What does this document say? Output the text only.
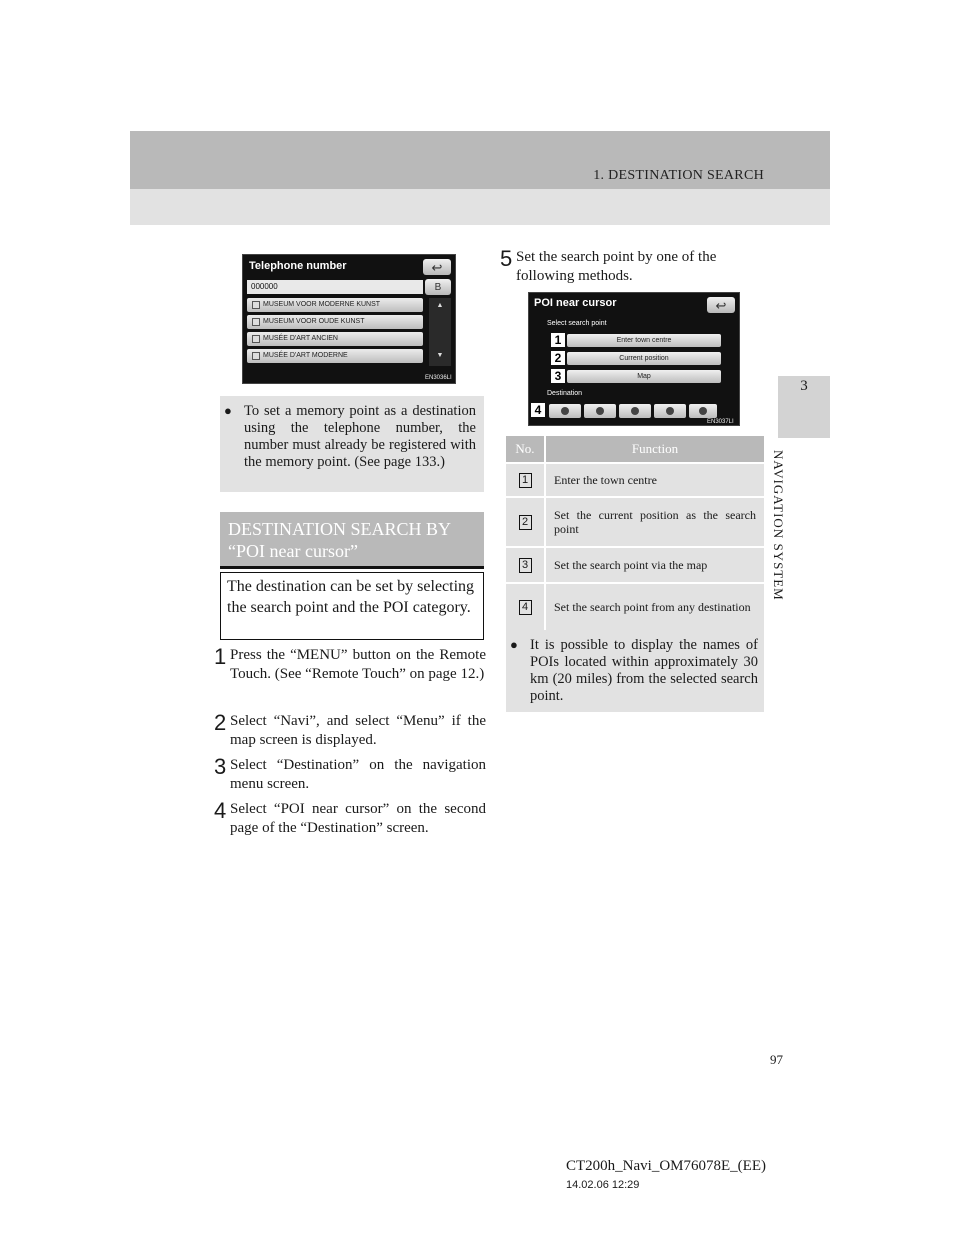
1. DESTINATION SEARCH
3
NAVIGATION SYSTEM
Telephone number	↩
000000	B
MUSEUM VOOR MODERNE KUNST
MUSEUM VOOR OUDE KUNST
MUSÉE D'ART ANCIEN
MUSÉE D'ART MODERNE
▲
▼
EN3036LI
● To set a memory point as a destination using the telephone number, the number must already be registered with the memory point. (See page 133.)
DESTINATION SEARCH BY
“POI near cursor”
The destination can be set by selecting the search point and the POI category.
1 Press the “MENU” button on the Remote Touch. (See “Remote Touch” on page 12.)
2 Select “Navi”, and select “Menu” if the map screen is displayed.
3 Select “Destination” on the navigation menu screen.
4 Select “POI near cursor” on the second page of the “Destination” screen.
5 Set the search point by one of the following methods.
POI near cursor	↩
Select search point
1	Enter town centre
2	Current position
3	Map
Destination
4
EN3037LI
No.	Function
1	Enter the town centre
2	Set the current position as the search point
3	Set the search point via the map
4	Set the search point from any destination
● It is possible to display the names of POIs located within approximately 30 km (20 miles) from the selected search point.
97
CT200h_Navi_OM76078E_(EE)
14.02.06 12:29
